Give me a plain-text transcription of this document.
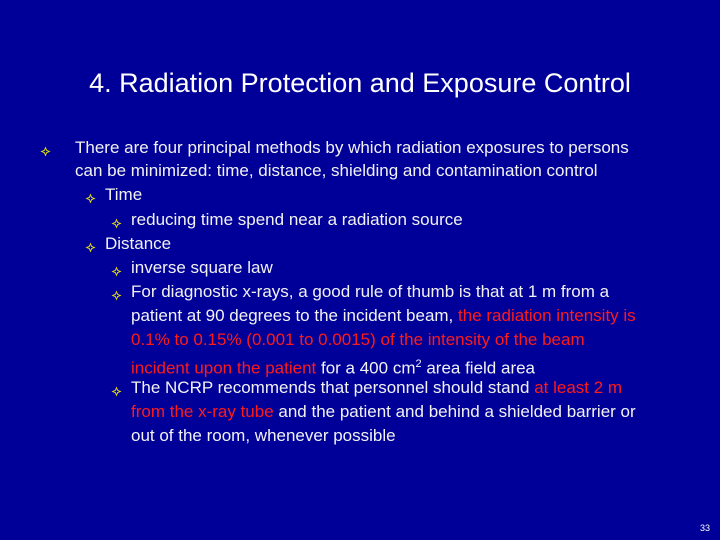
4. Radiation Protection and Exposure Control
There are four principal methods by which radiation exposures to persons
can be minimized: time, distance, shielding and contamination control
Time
reducing time spend near a radiation source
Distance
inverse square law
For diagnostic x-rays, a good rule of thumb is that at 1 m from a
patient at 90 degrees to the incident beam, the radiation intensity is
0.1% to 0.15% (0.001 to 0.0015) of the intensity of the beam
incident upon the patient for a 400 $cm^2$ area field area
The NCRP recommends that personnel should stand at least 2 m
from the x-ray tube and the patient and behind a shielded barrier or
out of the room, whenever possible
33
